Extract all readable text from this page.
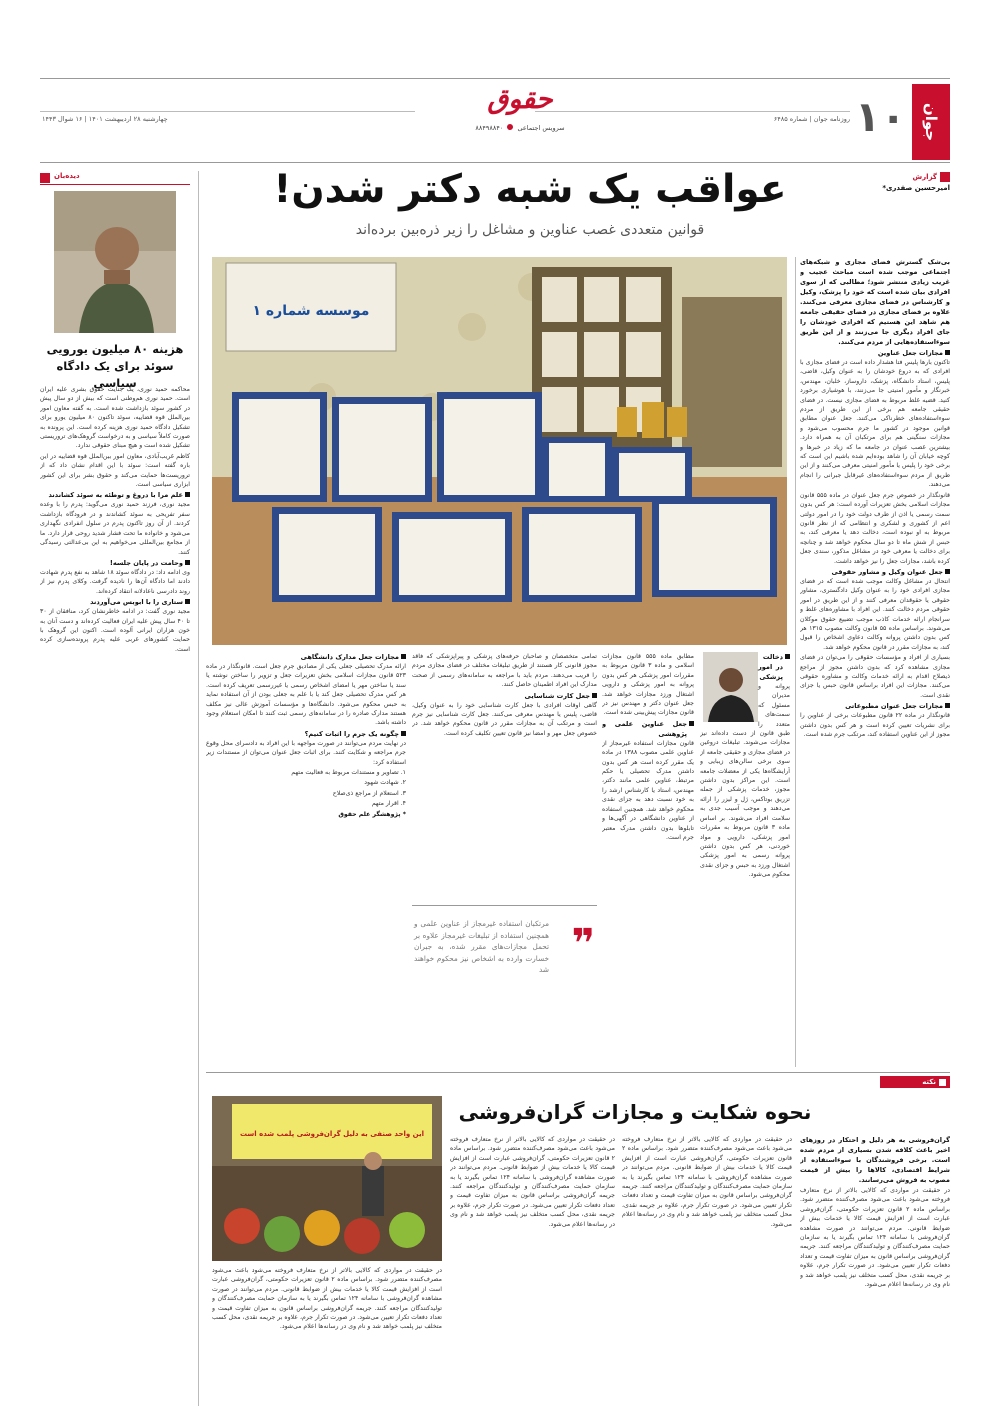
جوان
۱۰
روزنامه جوان | شماره ۶۴۸۵
حقوق
سرویس اجتماعی  ۸۸۴۹۸۸۴۰
چهارشنبه ۲۸ اردیبهشت ۱۴۰۱ | ۱۶ شوال ۱۴۴۳
دیده‌بان
هزینه ۸۰ میلیون یورویی سوئد برای یک دادگاه سیاسی

محاکمه حمید نوری، یک جنایت حقوق بشری علیه ایران است. حمید نوری هم‌وطنی است که بیش از دو سال پیش در کشور سوئد بازداشت شده است. به گفته معاون امور بین‌الملل قوه قضاییه، سوئد تاکنون ۸۰ میلیون یورو برای تشکیل دادگاه حمید نوری هزینه کرده است. این پرونده به صورت کاملاً سیاسی و به درخواست گروهک‌های تروریستی تشکیل شده است و هیچ مبنای حقوقی ندارد.

کاظم غریب‌آبادی، معاون امور بین‌الملل قوه قضاییه در این باره گفته است: سوئد با این اقدام نشان داد که از تروریست‌ها حمایت می‌کند و حقوق بشر برای این کشور ابزاری سیاسی است.

علم مرا با دروغ و توطئه به سوئد کشاندند

مجید نوری، فرزند حمید نوری می‌گوید: پدرم را با وعده سفر تفریحی به سوئد کشاندند و در فرودگاه بازداشت کردند. از آن روز تاکنون پدرم در سلول انفرادی نگهداری می‌شود و خانواده ما تحت فشار شدید روحی قرار دارد. ما از مجامع بین‌المللی می‌خواهیم به این بی‌عدالتی رسیدگی کنند.

وحامت در پایان جلسه!

وی ادامه داد: در دادگاه سوئد ۱۸ شاهد به نفع پدرم شهادت دادند اما دادگاه آن‌ها را نادیده گرفت. وکلای پدرم نیز از روند دادرسی ناعادلانه انتقاد کرده‌اند.

ستاری را با ابوبس می‌آوردند

مجید نوری گفت: در ادامه خاطرنشان کرد، منافقان از ۳۰ تا ۴۰ سال پیش علیه ایران فعالیت کرده‌اند و دست آنان به خون هزاران ایرانی آلوده است. اکنون این گروهک با حمایت کشورهای غربی علیه پدرم پرونده‌سازی کرده است.

گزارش
امیرحسین صفدری*
عواقب یک شبه دکتر شدن!
قوانین متعددی غصب عناوین و مشاغل را زیر ذره‌بین برده‌اند

بی‌شک گسترش فضای مجازی و شبکه‌های اجتماعی موجب شده است مباحث عجیب و غریب زیادی منتشر شود؛ مطالبی که از سوی افرادی بیان شده است که خود را پزشک، وکیل و کارشناس در فضای مجازی معرفی می‌کنند. علاوه بر فضای مجازی در فضای حقیقی جامعه هم شاهد این هستیم که افرادی خودشان را جای افراد دیگری جا می‌زنند و از این طریق سوءاستفاده‌هایی از مردم می‌کنند.

مجازات جعل عناوین

تاکنون بارها پلیس فتا هشدار داده است در فضای مجازی با افرادی که به دروغ خودشان را به عنوان وکیل، قاضی، پلیس، استاد دانشگاه، پزشک، داروساز، خلبان، مهندس، خبرنگار و مأمور امنیتی جا می‌زنند، با هوشیاری برخورد کنید. قضیه غلط مربوط به فضای مجازی نیست. در فضای حقیقی جامعه هم برخی از این طریق از مردم سوءاستفاده‌های خطرناکی می‌کنند. جعل عنوان مطابق قوانین موجود در کشور ما جرم محسوب می‌شود و مجازات سنگینی هم برای مرتکبان آن به همراه دارد. بیشترین غصب عنوان در جامعه ما که زیاد در خبرها و کوچه خیابان آن را شاهد بوده‌ایم شده باشیم این است که برخی خود را پلیس یا مأمور امنیتی معرفی می‌کنند و از این طریق از مردم سوءاستفاده‌های غیرقابل جبرانی را انجام می‌دهند.

قانونگذار در خصوص جرم جعل عنوان در ماده ۵۵۵ قانون مجازات اسلامی بخش تعزیرات آورده است: هر کس بدون سمت رسمی یا اذن از طرف دولت خود را در امور دولتی اعم از کشوری و لشکری و انتظامی که از نظر قانون مربوط به او نبوده است، دخالت دهد یا معرفی کند، به حبس از شش ماه تا دو سال محکوم خواهد شد و چنانچه برای دخالت یا معرفی خود در مشاغل مذکور، سندی جعل کرده باشد، مجازات جعل را نیز خواهد داشت.

جعل عنوان وکیل و مشاور حقوقی

انتحال در مشاغل وکالت موجب شده است که در فضای مجازی افرادی خود را به عنوان وکیل دادگستری، مشاور حقوقی یا حقوقدان معرفی کنند و از این طریق در امور حقوقی مردم دخالت کنند. این افراد با مشاوره‌های غلط و سرانجام ارائه خدمات کاذب موجب تضییع حقوق موکلان می‌شوند. براساس ماده ۵۵ قانون وکالت مصوب ۱۳۱۵ هر کس بدون داشتن پروانه وکالت دعاوی اشخاص را قبول کند، به مجازات مقرر در قانون محکوم خواهد شد.

بسیاری از افراد و مؤسسات حقوقی را می‌توان در فضای مجازی مشاهده کرد که بدون داشتن مجوز از مراجع ذیصلاح اقدام به ارائه خدمات وکالت و مشاوره حقوقی می‌کنند. مجازات این افراد براساس قانون حبس یا جزای نقدی است.

مجازات جعل عنوان مطبوعاتی

قانونگذار در ماده ۲۲ قانون مطبوعات برخی از عناوین را برای نشریات تعیین کرده است و هر کس بدون داشتن مجوز از این عناوین استفاده کند، مرتکب جرم شده است.

موسسه شماره ۱
دخالت در امور پزشکی

پروانه و مدیران مسئول که سمت‌های متعدد را طبق قانون از دست داده‌اند نیز مجازات می‌شوند. تبلیغات دروغین در فضای مجازی و حقیقی جامعه از سوی برخی سالن‌های زیبایی و آرایشگاه‌ها یکی از معضلات جامعه است. این مراکز بدون داشتن مجوز، خدمات پزشکی از جمله تزریق بوتاکس، ژل و لیزر را ارائه می‌دهند و موجب آسیب جدی به سلامت افراد می‌شوند. بر اساس ماده ۳ قانون مربوط به مقررات امور پزشکی، دارویی و مواد خوردنی، هر کس بدون داشتن پروانه رسمی به امور پزشکی اشتغال ورزد به حبس و جزای نقدی محکوم می‌شود.

مطابق ماده ۵۵۵ قانون مجازات اسلامی و ماده ۳ قانون مربوط به مقررات امور پزشکی هر کس بدون پروانه به امور پزشکی و دارویی اشتغال ورزد مجازات خواهد شد. جعل عنوان دکتر و مهندس نیز در قانون مجازات پیش‌بینی شده است.

جعل عناوین علمی و پژوهشی

قانون مجازات استفاده غیرمجاز از عناوین علمی مصوب ۱۳۸۸ در ماده یک مقرر کرده است هر کس بدون داشتن مدرک تحصیلی یا حکم مرتبط، عناوین علمی مانند دکتر، مهندس، استاد یا کارشناس ارشد را به خود نسبت دهد به جزای نقدی محکوم خواهد شد. همچنین استفاده از عناوین دانشگاهی در آگهی‌ها و تابلوها بدون داشتن مدرک معتبر جرم است.

تمامی متخصصان و صاحبان حرفه‌های پزشکی و پیراپزشکی که فاقد مجوز قانونی کار هستند از طریق تبلیغات مختلف در فضای مجازی مردم را فریب می‌دهند. مردم باید با مراجعه به سامانه‌های رسمی از صحت مدارک این افراد اطمینان حاصل کنند.

جعل کارت شناسایی

گاهی اوقات افرادی با جعل کارت شناسایی خود را به عنوان وکیل، قاضی، پلیس یا مهندس معرفی می‌کنند. جعل کارت شناسایی نیز جرم است و مرتکب آن به مجازات مقرر در قانون محکوم خواهد شد. در خصوص جعل مهر و امضا نیز قانون تعیین تکلیف کرده است.

❞
مرتکبان استفاده غیرمجاز از عناوین علمی و همچنین استفاده از تبلیغات غیرمجاز علاوه بر تحمل مجازات‌های مقرر شده، به جبران خسارت وارده به اشخاص نیز محکوم خواهند شد
مجازات جعل مدارک دانشگاهی

ارائه مدرک تحصیلی جعلی یکی از مصادیق جرم جعل است. قانونگذار در ماده ۵۲۳ قانون مجازات اسلامی بخش تعزیرات جعل و تزویر را ساختن نوشته یا سند یا ساختن مهر یا امضای اشخاص رسمی یا غیررسمی تعریف کرده است. هر کس مدرک تحصیلی جعل کند یا با علم به جعلی بودن از آن استفاده نماید به حبس محکوم می‌شود. دانشگاه‌ها و مؤسسات آموزش عالی نیز مکلف هستند مدارک صادره را در سامانه‌های رسمی ثبت کنند تا امکان استعلام وجود داشته باشد.

چگونه یک جرم را اثبات کنیم؟

در نهایت مردم می‌توانند در صورت مواجهه با این افراد به دادسرای محل وقوع جرم مراجعه و شکایت کنند. برای اثبات جعل عنوان می‌توان از مستندات زیر استفاده کرد:

۱. تصاویر و مستندات مربوط به فعالیت متهم

۲. شهادت شهود

۳. استعلام از مراجع ذی‌صلاح

۴. اقرار متهم

* پژوهشگر علم حقوق

نکته
نحوه شکایت و مجازات گران‌فروشی
این واحد صنفی به دلیل گران‌فروشی پلمب شده است

گران‌فروشی به هر دلیل و احتکار در روزهای اخیر باعث کلافه شدن بسیاری از مردم شده است. برخی فروشندگان با سوءاستفاده از شرایط اقتصادی، کالاها را بیش از قیمت مصوب به فروش می‌رسانند.

در حقیقت در مواردی که کالایی بالاتر از نرخ متعارف فروخته می‌شود باعث می‌شود مصرف‌کننده متضرر شود. براساس ماده ۲ قانون تعزیرات حکومتی، گران‌فروشی عبارت است از افزایش قیمت کالا یا خدمات بیش از ضوابط قانونی. مردم می‌توانند در صورت مشاهده گران‌فروشی با سامانه ۱۲۴ تماس بگیرند یا به سازمان حمایت مصرف‌کنندگان و تولیدکنندگان مراجعه کنند. جریمه گران‌فروشی براساس قانون به میزان تفاوت قیمت و تعداد دفعات تکرار تعیین می‌شود. در صورت تکرار جرم، علاوه بر جریمه نقدی، محل کسب متخلف نیز پلمب خواهد شد و نام وی در رسانه‌ها اعلام می‌شود.

در حقیقت در مواردی که کالایی بالاتر از نرخ متعارف فروخته می‌شود باعث می‌شود مصرف‌کننده متضرر شود. براساس ماده ۲ قانون تعزیرات حکومتی، گران‌فروشی عبارت است از افزایش قیمت کالا یا خدمات بیش از ضوابط قانونی. مردم می‌توانند در صورت مشاهده گران‌فروشی با سامانه ۱۲۴ تماس بگیرند یا به سازمان حمایت مصرف‌کنندگان و تولیدکنندگان مراجعه کنند. جریمه گران‌فروشی براساس قانون به میزان تفاوت قیمت و تعداد دفعات تکرار تعیین می‌شود. در صورت تکرار جرم، علاوه بر جریمه نقدی، محل کسب متخلف نیز پلمب خواهد شد و نام وی در رسانه‌ها اعلام می‌شود.

در حقیقت در مواردی که کالایی بالاتر از نرخ متعارف فروخته می‌شود باعث می‌شود مصرف‌کننده متضرر شود. براساس ماده ۲ قانون تعزیرات حکومتی، گران‌فروشی عبارت است از افزایش قیمت کالا یا خدمات بیش از ضوابط قانونی. مردم می‌توانند در صورت مشاهده گران‌فروشی با سامانه ۱۲۴ تماس بگیرند یا به سازمان حمایت مصرف‌کنندگان و تولیدکنندگان مراجعه کنند. جریمه گران‌فروشی براساس قانون به میزان تفاوت قیمت و تعداد دفعات تکرار تعیین می‌شود. در صورت تکرار جرم، علاوه بر جریمه نقدی، محل کسب متخلف نیز پلمب خواهد شد و نام وی در رسانه‌ها اعلام می‌شود.

در حقیقت در مواردی که کالایی بالاتر از نرخ متعارف فروخته می‌شود باعث می‌شود مصرف‌کننده متضرر شود. براساس ماده ۲ قانون تعزیرات حکومتی، گران‌فروشی عبارت است از افزایش قیمت کالا یا خدمات بیش از ضوابط قانونی. مردم می‌توانند در صورت مشاهده گران‌فروشی با سامانه ۱۲۴ تماس بگیرند یا به سازمان حمایت مصرف‌کنندگان و تولیدکنندگان مراجعه کنند. جریمه گران‌فروشی براساس قانون به میزان تفاوت قیمت و تعداد دفعات تکرار تعیین می‌شود. در صورت تکرار جرم، علاوه بر جریمه نقدی، محل کسب متخلف نیز پلمب خواهد شد و نام وی در رسانه‌ها اعلام می‌شود.
